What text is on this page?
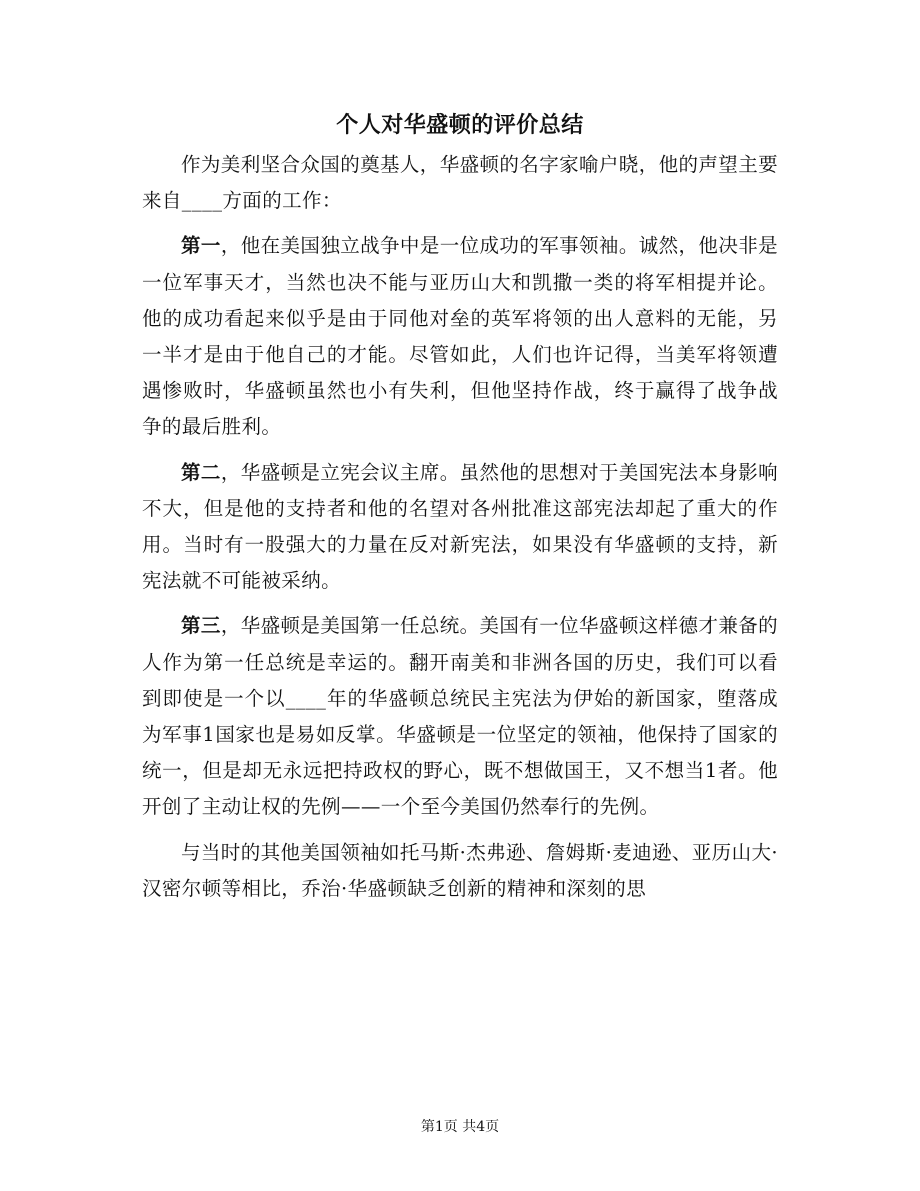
个人对华盛顿的评价总结

作为美利坚合众国的奠基人，华盛顿的名字家喻户晓，他的声望主要来自____方面的工作：

第一，他在美国独立战争中是一位成功的军事领袖。诚然，他决非是一位军事天才，当然也决不能与亚历山大和凯撒一类的将军相提并论。他的成功看起来似乎是由于同他对垒的英军将领的出人意料的无能，另一半才是由于他自己的才能。尽管如此，人们也许记得，当美军将领遭遇惨败时，华盛顿虽然也小有失利，但他坚持作战，终于赢得了战争战争的最后胜利。

第二，华盛顿是立宪会议主席。虽然他的思想对于美国宪法本身影响不大，但是他的支持者和他的名望对各州批准这部宪法却起了重大的作用。当时有一股强大的力量在反对新宪法，如果没有华盛顿的支持，新宪法就不可能被采纳。

第三，华盛顿是美国第一任总统。美国有一位华盛顿这样德才兼备的人作为第一任总统是幸运的。翻开南美和非洲各国的历史，我们可以看到即使是一个以____年的华盛顿总统民主宪法为伊始的新国家，堕落成为军事1国家也是易如反掌。华盛顿是一位坚定的领袖，他保持了国家的统一，但是却无永远把持政权的野心，既不想做国王，又不想当1者。他开创了主动让权的先例——一个至今美国仍然奉行的先例。

与当时的其他美国领袖如托马斯·杰弗逊、詹姆斯·麦迪逊、亚历山大·汉密尔顿等相比，乔治·华盛顿缺乏创新的精神和深刻的思

第1页 共4页
